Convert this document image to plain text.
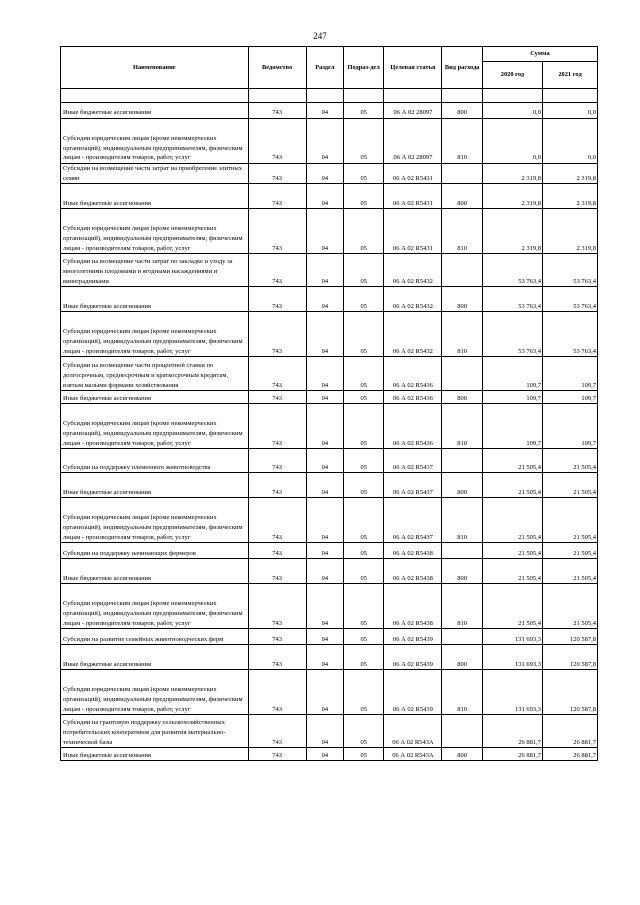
247
Наименование	Ведомство	Раздел	Подраз-дел	Целевая статья	Вид расхода	Сумма	
						2020 год	2021 год

Иные бюджетные ассигнования	743	04	05	06 А 02 28097	800	0,0	0,0
Субсидии юридическим лицам (кроме некоммерческих организаций), индивидуальным предпринимателям, физическим лицам - производителям товаров, работ, услуг	743	04	05	06 А 02 28097	810	0,0	0,0
Субсидии на возмещение части затрат на приобретение элитных семян	743	04	05	06 А 02 R5431		2 319,8	2 319,8
Иные бюджетные ассигнования	743	04	05	06 А 02 R5431	800	2 319,8	2 319,8
Субсидии юридическим лицам (кроме некоммерческих организаций), индивидуальным предпринимателям, физическим лицам - производителям товаров, работ, услуг	743	04	05	06 А 02 R5431	810	2 319,8	2 319,8
Субсидии на возмещение части затрат по закладке и уходу за многолетними плодовыми и ягодными насаждениями и виноградниками	743	04	05	06 А 02 R5432		53 763,4	53 763,4
Иные бюджетные ассигнования	743	04	05	06 А 02 R5432	800	53 763,4	53 763,4
Субсидии юридическим лицам (кроме некоммерческих организаций), индивидуальным предпринимателям, физическим лицам - производителям товаров, работ, услуг	743	04	05	06 А 02 R5432	810	53 763,4	53 763,4
Субсидии на возмещение части процентной ставки по долгосрочным, среднесрочным и краткосрочным кредитам, взятым малыми формами хозяйствования	743	04	05	06 А 02 R5436		109,7	109,7
Иные бюджетные ассигнования	743	04	05	06 А 02 R5436	800	109,7	109,7
Субсидии юридическим лицам (кроме некоммерческих организаций), индивидуальным предпринимателям, физическим лицам - производителям товаров, работ, услуг	743	04	05	06 А 02 R5436	810	109,7	109,7
Субсидии на поддержку племенного животноводства	743	04	05	06 А 02 R5437		21 505,4	21 505,4
Иные бюджетные ассигнования	743	04	05	06 А 02 R5437	800	21 505,4	21 505,4
Субсидии юридическим лицам (кроме некоммерческих организаций), индивидуальным предпринимателям, физическим лицам - производителям товаров, работ, услуг	743	04	05	06 А 02 R5437	810	21 505,4	21 505,4
Субсидии на поддержку начинающих фермеров	743	04	05	06 А 02 R5438		21 505,4	21 505,4
Иные бюджетные ассигнования	743	04	05	06 А 02 R5438	800	21 505,4	21 505,4
Субсидии юридическим лицам (кроме некоммерческих организаций), индивидуальным предпринимателям, физическим лицам - производителям товаров, работ, услуг	743	04	05	06 А 02 R5438	810	21 505,4	21 505,4
Субсидии на развитие семейных животноводческих ферм	743	04	05	06 А 02 R5439		131 693,3	120 587,8
Иные бюджетные ассигнования	743	04	05	06 А 02 R5439	800	131 693,3	120 587,8
Субсидии юридическим лицам (кроме некоммерческих организаций), индивидуальным предпринимателям, физическим лицам - производителям товаров, работ, услуг	743	04	05	06 А 02 R5439	810	131 693,3	120 587,8
Субсидии на грантовую поддержку сельскохозяйственных потребительских кооперативов для развития материально-технической базы	743	04	05	06 А 02 R543А		26 881,7	26 881,7
Иные бюджетные ассигнования	743	04	05	06 А 02 R543А	800	26 881,7	26 881,7
